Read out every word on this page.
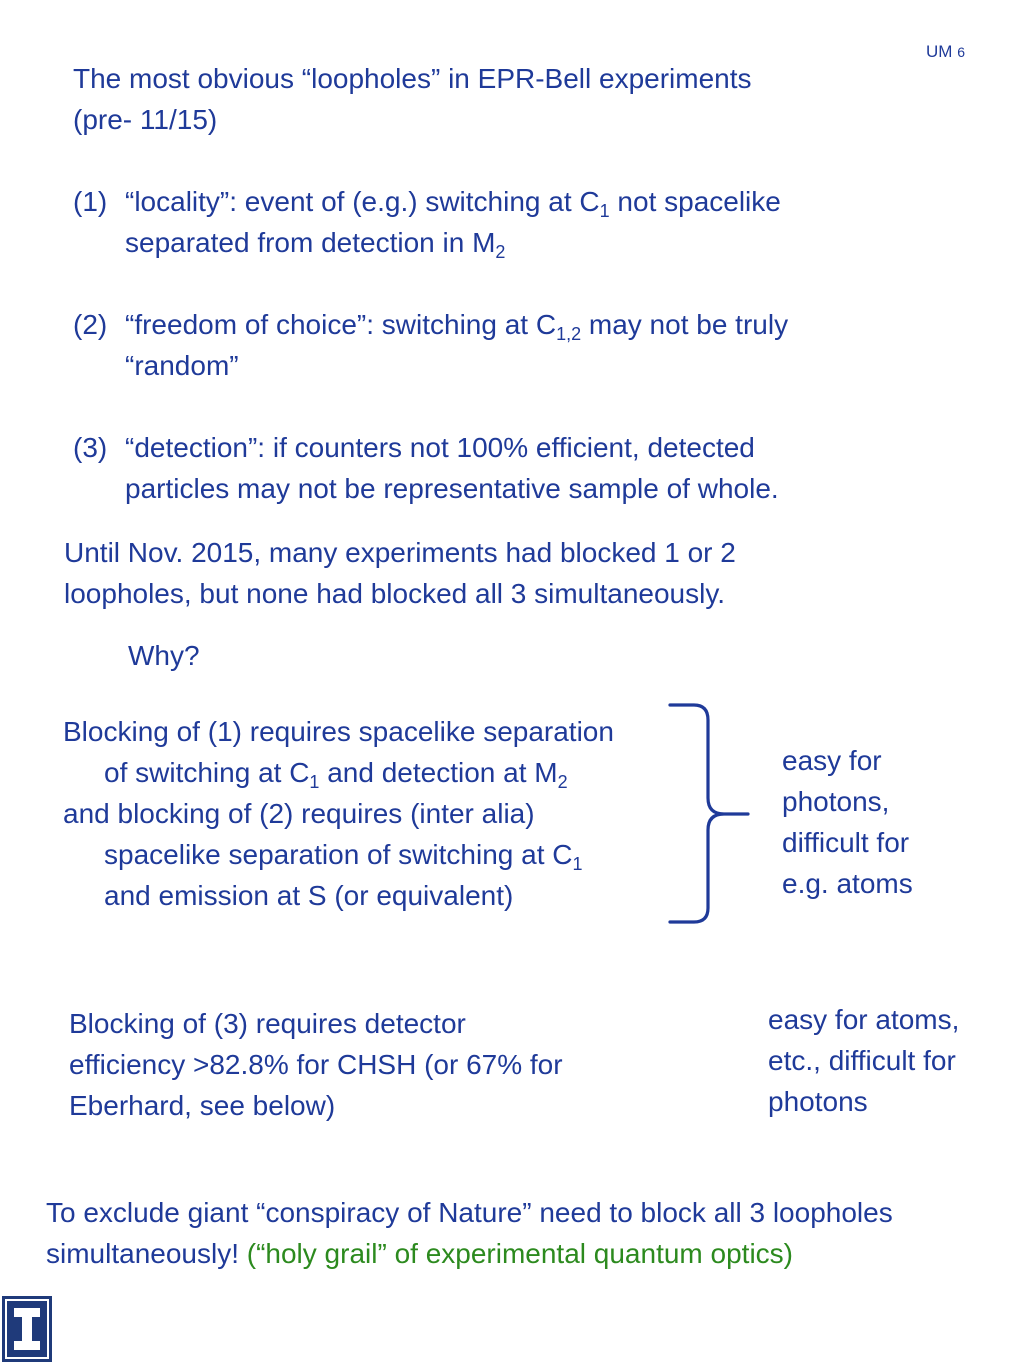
UM 6

The most obvious “loopholes” in EPR-Bell experiments

(pre- 11/15)

(1) “locality”: event of (e.g.) switching at $C_1$ not spacelike

separated from detection in $M_2$

(2) “freedom of choice”: switching at $C_{1,2}$ may not be truly

“random”

(3) “detection”: if counters not 100% efficient, detected

particles may not be representative sample of whole.

Until Nov. 2015, many experiments had blocked 1 or 2

loopholes, but none had blocked all 3 simultaneously.

Why?

Blocking of (1) requires spacelike separation

of switching at $C_1$ and detection at $M_2$

and blocking of (2) requires (inter alia)

spacelike separation of switching at $C_1$

and emission at S (or equivalent)

easy for

photons,

difficult for

e.g. atoms

Blocking of (3) requires detector

efficiency >82.8% for CHSH (or 67% for

Eberhard, see below)

easy for atoms,

etc., difficult for

photons

To exclude giant “conspiracy of Nature” need to block all 3 loopholes

simultaneously! (“holy grail” of experimental quantum optics)
